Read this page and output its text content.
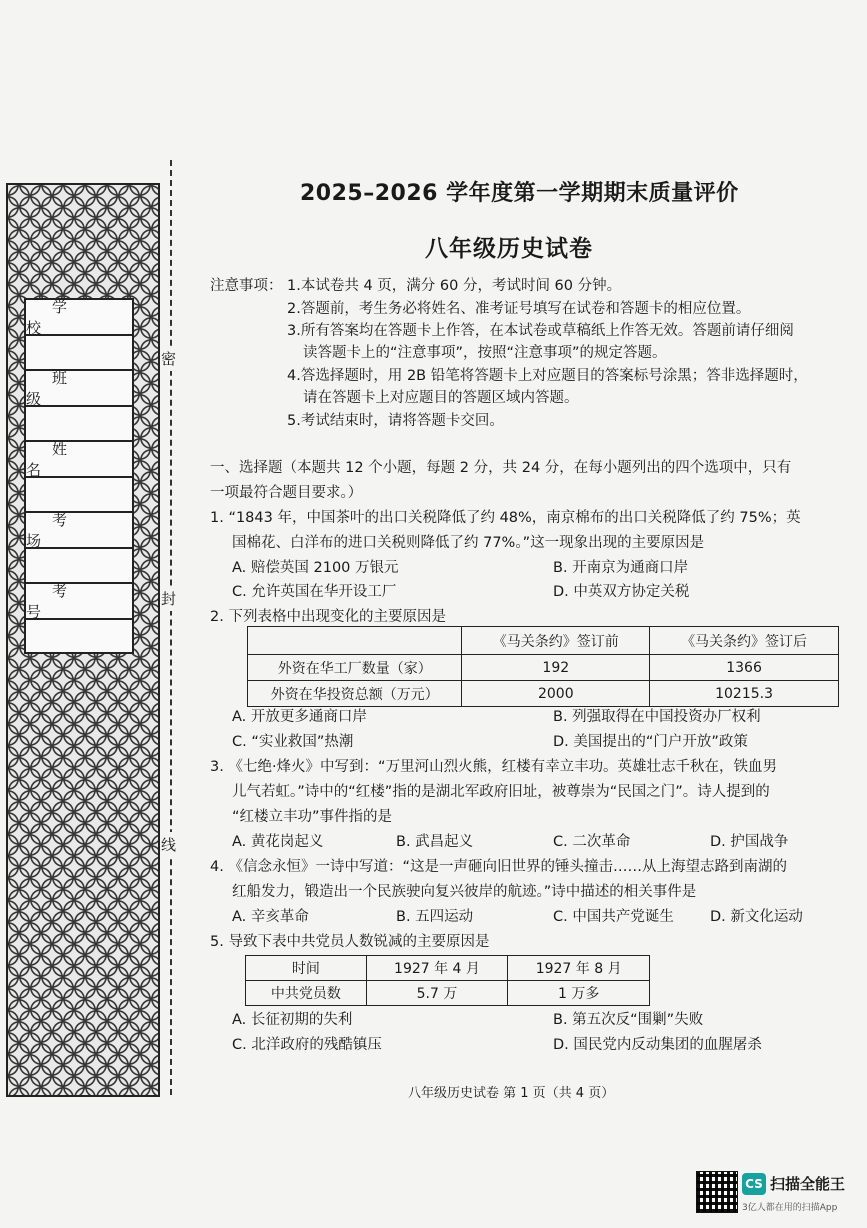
学校
班级
姓名
考场
考号
密
封
线
2025–2026 学年度第一学期期末质量评价
八年级历史试卷
注意事项： 1.本试卷共 4 页，满分 60 分，考试时间 60 分钟。
2.答题前，考生务必将姓名、准考证号填写在试卷和答题卡的相应位置。
3.所有答案均在答题卡上作答，在本试卷或草稿纸上作答无效。答题前请仔细阅
读答题卡上的“注意事项”，按照“注意事项”的规定答题。
4.答选择题时，用 2B 铅笔将答题卡上对应题目的答案标号涂黑；答非选择题时，
请在答题卡上对应题目的答题区域内答题。
5.考试结束时，请将答题卡交回。
一、选择题（本题共 12 个小题，每题 2 分，共 24 分，在每小题列出的四个选项中，只有
一项最符合题目要求。）
1. “1843 年，中国茶叶的出口关税降低了约 48%，南京棉布的出口关税降低了约 75%；英
国棉花、白洋布的进口关税则降低了约 77%。”这一现象出现的主要原因是
A. 赔偿英国 2100 万银元	B. 开南京为通商口岸
C. 允许英国在华开设工厂	D. 中英双方协定关税
2. 下列表格中出现变化的主要原因是
	《马关条约》签订前	《马关条约》签订后
外资在华工厂数量（家）	192	1366
外资在华投资总额（万元）	2000	10215.3
A. 开放更多通商口岸	B. 列强取得在中国投资办厂权利
C. “实业救国”热潮	D. 美国提出的“门户开放”政策
3. 《七绝·烽火》中写到：“万里河山烈火熊，红楼有幸立丰功。英雄壮志千秋在，铁血男
儿气若虹。”诗中的“红楼”指的是湖北军政府旧址，被尊崇为“民国之门”。诗人提到的
“红楼立丰功”事件指的是
A. 黄花岗起义	B. 武昌起义	C. 二次革命	D. 护国战争
4. 《信念永恒》一诗中写道：“这是一声砸向旧世界的锤头撞击……从上海望志路到南湖的
红船发力，锻造出一个民族驶向复兴彼岸的航迹。”诗中描述的相关事件是
A. 辛亥革命	B. 五四运动	C. 中国共产党诞生 D. 新文化运动
5. 导致下表中共党员人数锐减的主要原因是
时间	1927 年 4 月	1927 年 8 月
中共党员数	5.7 万	1 万多
A. 长征初期的失利	B. 第五次反“围剿”失败
C. 北洋政府的残酷镇压	D. 国民党内反动集团的血腥屠杀
八年级历史试卷 第 1 页（共 4 页）
CS 扫描全能王
3亿人都在用的扫描App
